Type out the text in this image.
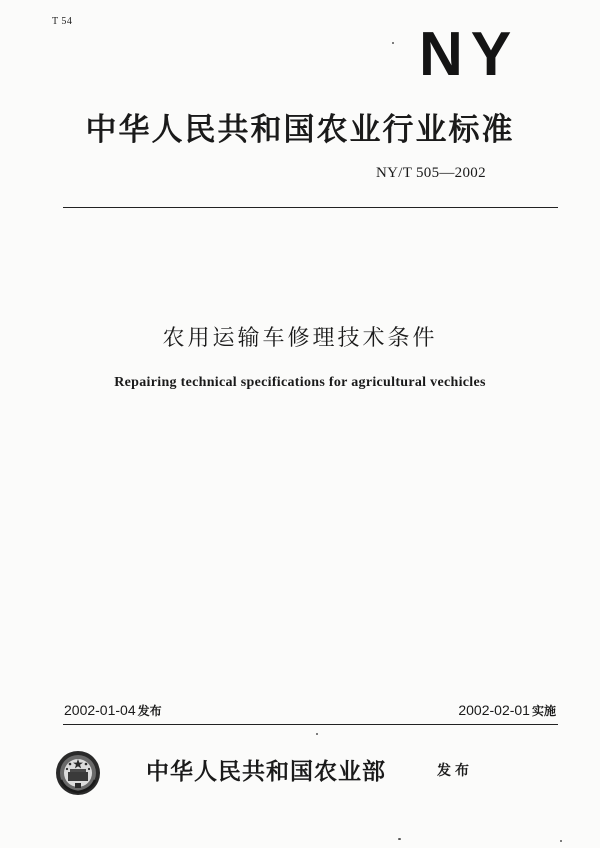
T 54	NY
中华人民共和国农业行业标准
NY/T 505—2002
农用运输车修理技术条件
Repairing technical specifications for agricultural vechicles
2002-01-04 发布	2002-02-01 实施
中华人民共和国农业部	发布
